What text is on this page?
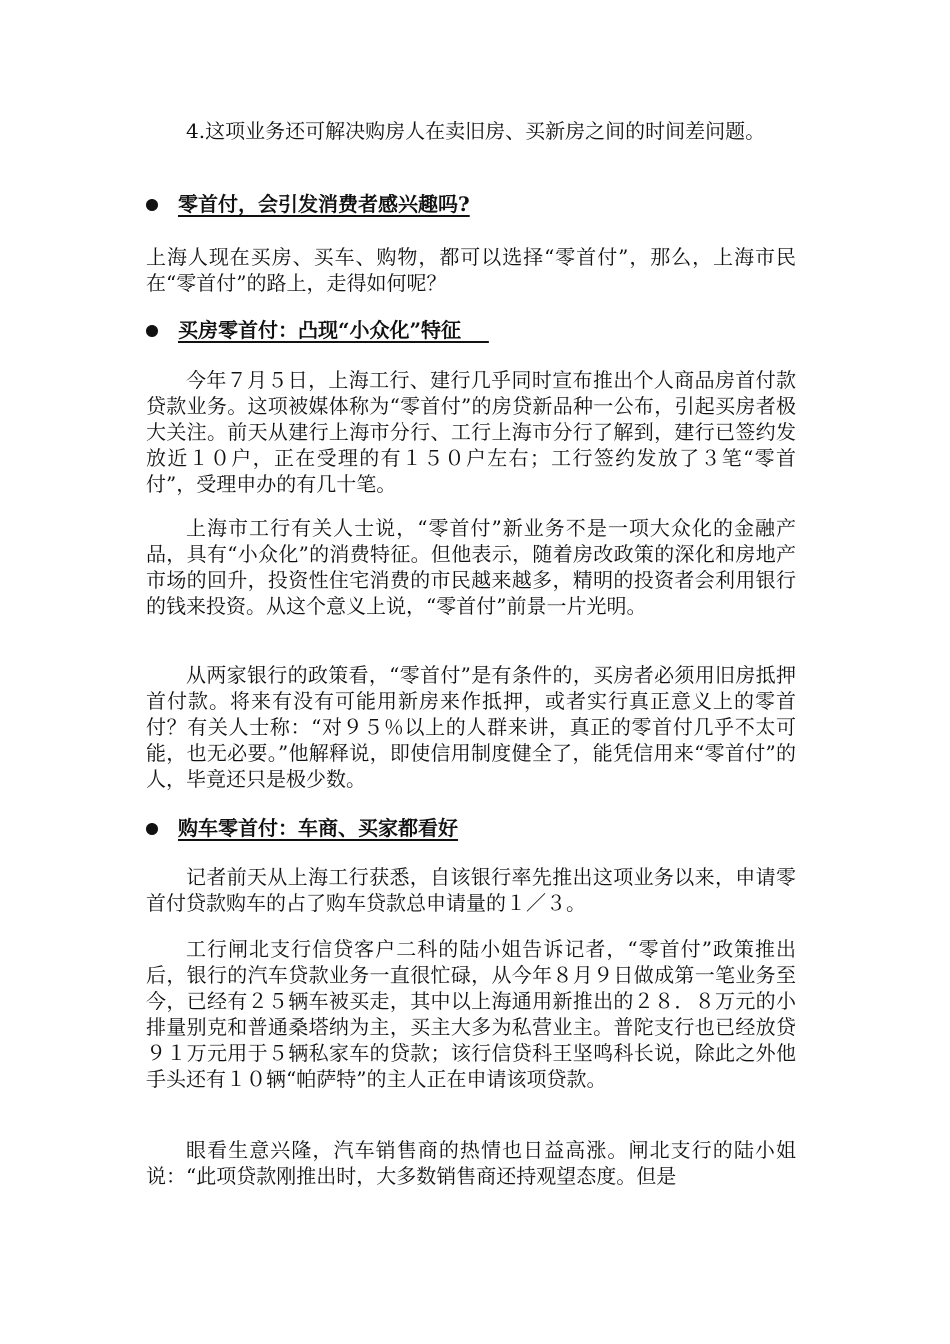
4.这项业务还可解决购房人在卖旧房、买新房之间的时间差问题。

零首付，会引发消费者感兴趣吗?

上海人现在买房、买车、购物，都可以选择“零首付”，那么，上海市民在“零首付”的路上，走得如何呢？

买房零首付：凸现“小众化”特征

今年７月５日，上海工行、建行几乎同时宣布推出个人商品房首付款贷款业务。这项被媒体称为“零首付”的房贷新品种一公布，引起买房者极大关注。前天从建行上海市分行、工行上海市分行了解到，建行已签约发放近１０户，正在受理的有１５０户左右；工行签约发放了３笔“零首付”，受理申办的有几十笔。

上海市工行有关人士说，“零首付”新业务不是一项大众化的金融产品，具有“小众化”的消费特征。但他表示，随着房改政策的深化和房地产市场的回升，投资性住宅消费的市民越来越多，精明的投资者会利用银行的钱来投资。从这个意义上说，“零首付”前景一片光明。

从两家银行的政策看，“零首付”是有条件的，买房者必须用旧房抵押首付款。将来有没有可能用新房来作抵押，或者实行真正意义上的零首付？有关人士称：“对９５％以上的人群来讲，真正的零首付几乎不太可能，也无必要。”他解释说，即使信用制度健全了，能凭信用来“零首付”的人，毕竟还只是极少数。

购车零首付：车商、买家都看好

记者前天从上海工行获悉，自该银行率先推出这项业务以来，申请零首付贷款购车的占了购车贷款总申请量的１／３。

工行闸北支行信贷客户二科的陆小姐告诉记者，“零首付”政策推出后，银行的汽车贷款业务一直很忙碌，从今年８月９日做成第一笔业务至今，已经有２５辆车被买走，其中以上海通用新推出的２８．８万元的小排量别克和普通桑塔纳为主，买主大多为私营业主。普陀支行也已经放贷９１万元用于５辆私家车的贷款；该行信贷科王坚鸣科长说，除此之外他手头还有１０辆“帕萨特”的主人正在申请该项贷款。

眼看生意兴隆，汽车销售商的热情也日益高涨。闸北支行的陆小姐说：“此项贷款刚推出时，大多数销售商还持观望态度。但是
